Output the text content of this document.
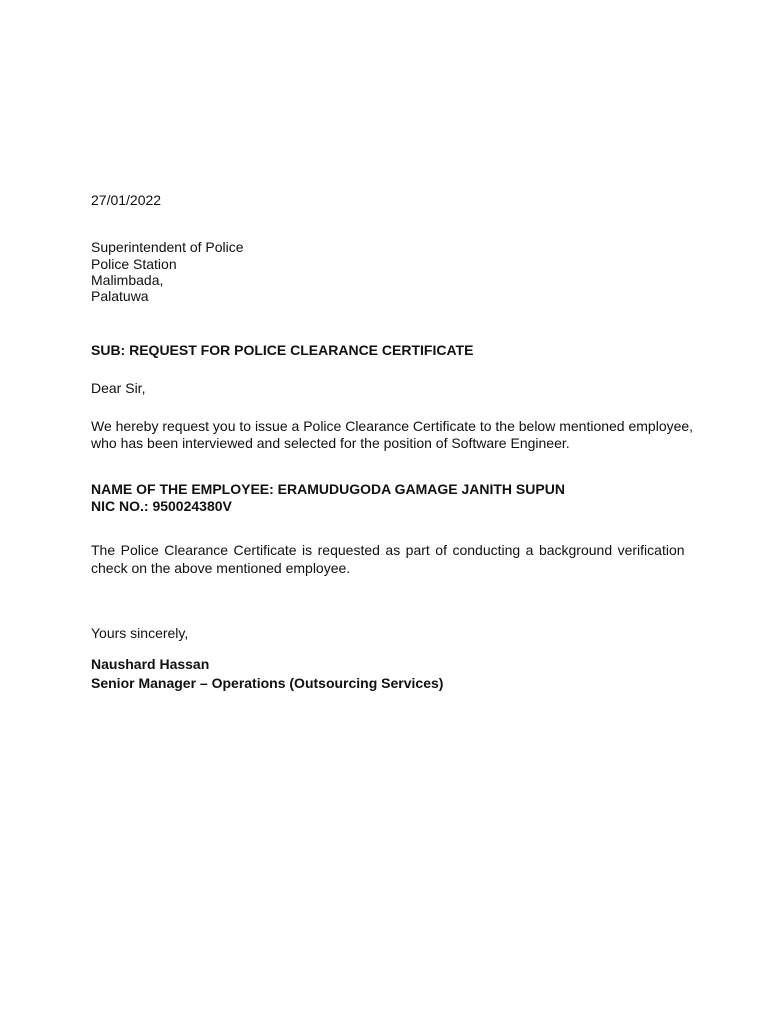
27/01/2022
Superintendent of Police
Police Station
Malimbada,
Palatuwa
SUB: REQUEST FOR POLICE CLEARANCE CERTIFICATE
Dear Sir,
We hereby request you to issue a Police Clearance Certificate to the below mentioned employee,
who has been interviewed and selected for the position of Software Engineer.
NAME OF THE EMPLOYEE: ERAMUDUGODA GAMAGE JANITH SUPUN
NIC NO.: 950024380V
The Police Clearance Certificate is requested as part of conducting a background verification
check on the above mentioned employee.
Yours sincerely,
Naushard Hassan
Senior Manager – Operations (Outsourcing Services)
